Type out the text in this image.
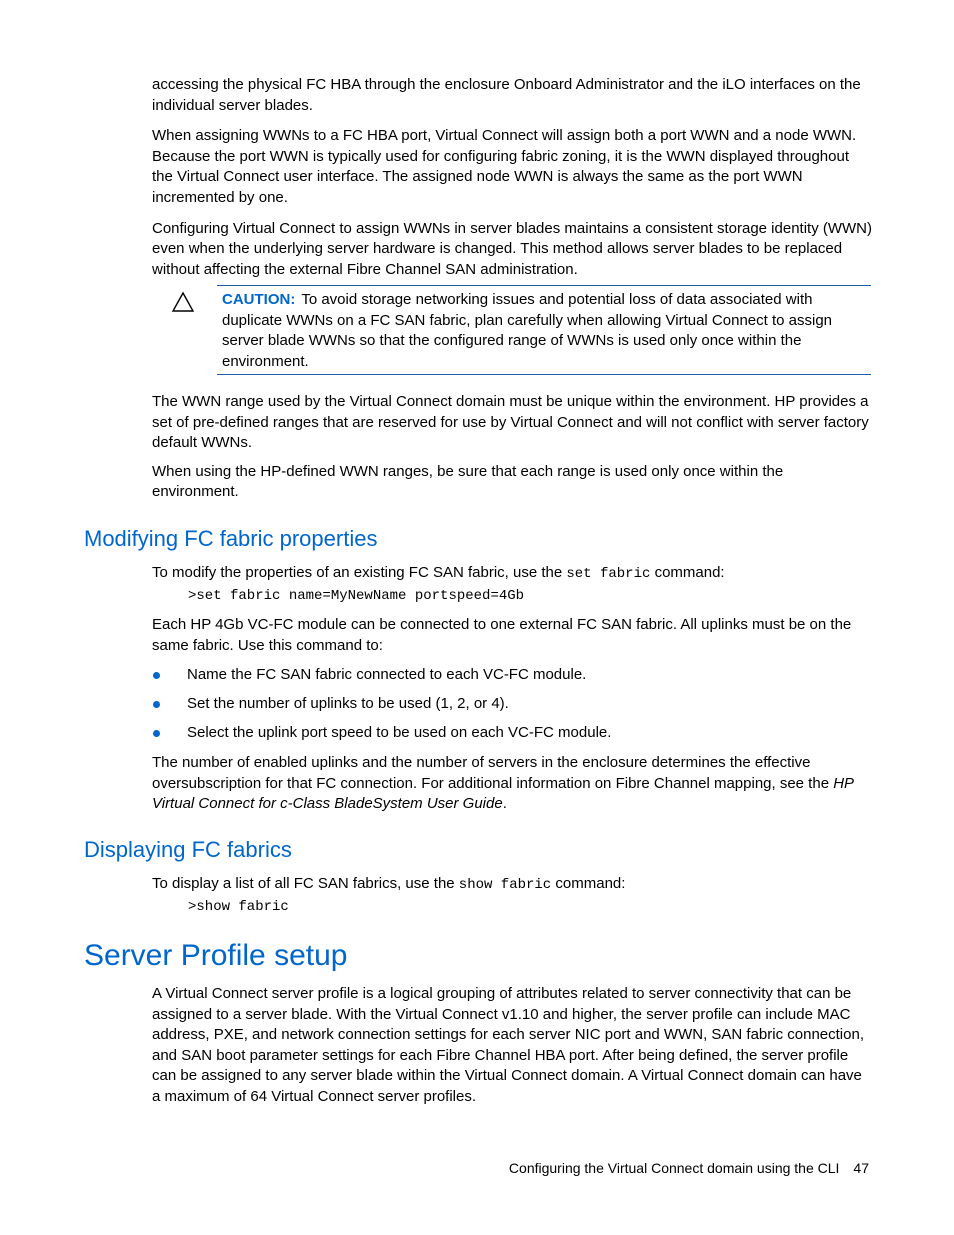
accessing the physical FC HBA through the enclosure Onboard Administrator and the iLO interfaces on the individual server blades.

When assigning WWNs to a FC HBA port, Virtual Connect will assign both a port WWN and a node WWN. Because the port WWN is typically used for configuring fabric zoning, it is the WWN displayed throughout the Virtual Connect user interface. The assigned node WWN is always the same as the port WWN incremented by one.

Configuring Virtual Connect to assign WWNs in server blades maintains a consistent storage identity (WWN) even when the underlying server hardware is changed. This method allows server blades to be replaced without affecting the external Fibre Channel SAN administration.

CAUTION: To avoid storage networking issues and potential loss of data associated with duplicate WWNs on a FC SAN fabric, plan carefully when allowing Virtual Connect to assign server blade WWNs so that the configured range of WWNs is used only once within the environment.

The WWN range used by the Virtual Connect domain must be unique within the environment. HP provides a set of pre-defined ranges that are reserved for use by Virtual Connect and will not conflict with server factory default WWNs.

When using the HP-defined WWN ranges, be sure that each range is used only once within the environment.

Modifying FC fabric properties
To modify the properties of an existing FC SAN fabric, use the set fabric command:
>set fabric name=MyNewName portspeed=4Gb
Each HP 4Gb VC-FC module can be connected to one external FC SAN fabric. All uplinks must be on the same fabric. Use this command to:
Name the FC SAN fabric connected to each VC-FC module.
Set the number of uplinks to be used (1, 2, or 4).
Select the uplink port speed to be used on each VC-FC module.
The number of enabled uplinks and the number of servers in the enclosure determines the effective oversubscription for that FC connection. For additional information on Fibre Channel mapping, see the HP Virtual Connect for c-Class BladeSystem User Guide.
Displaying FC fabrics
To display a list of all FC SAN fabrics, use the show fabric command:
>show fabric
Server Profile setup
A Virtual Connect server profile is a logical grouping of attributes related to server connectivity that can be assigned to a server blade. With the Virtual Connect v1.10 and higher, the server profile can include MAC address, PXE, and network connection settings for each server NIC port and WWN, SAN fabric connection, and SAN boot parameter settings for each Fibre Channel HBA port. After being defined, the server profile can be assigned to any server blade within the Virtual Connect domain. A Virtual Connect domain can have a maximum of 64 Virtual Connect server profiles.
Configuring the Virtual Connect domain using the CLI 47
